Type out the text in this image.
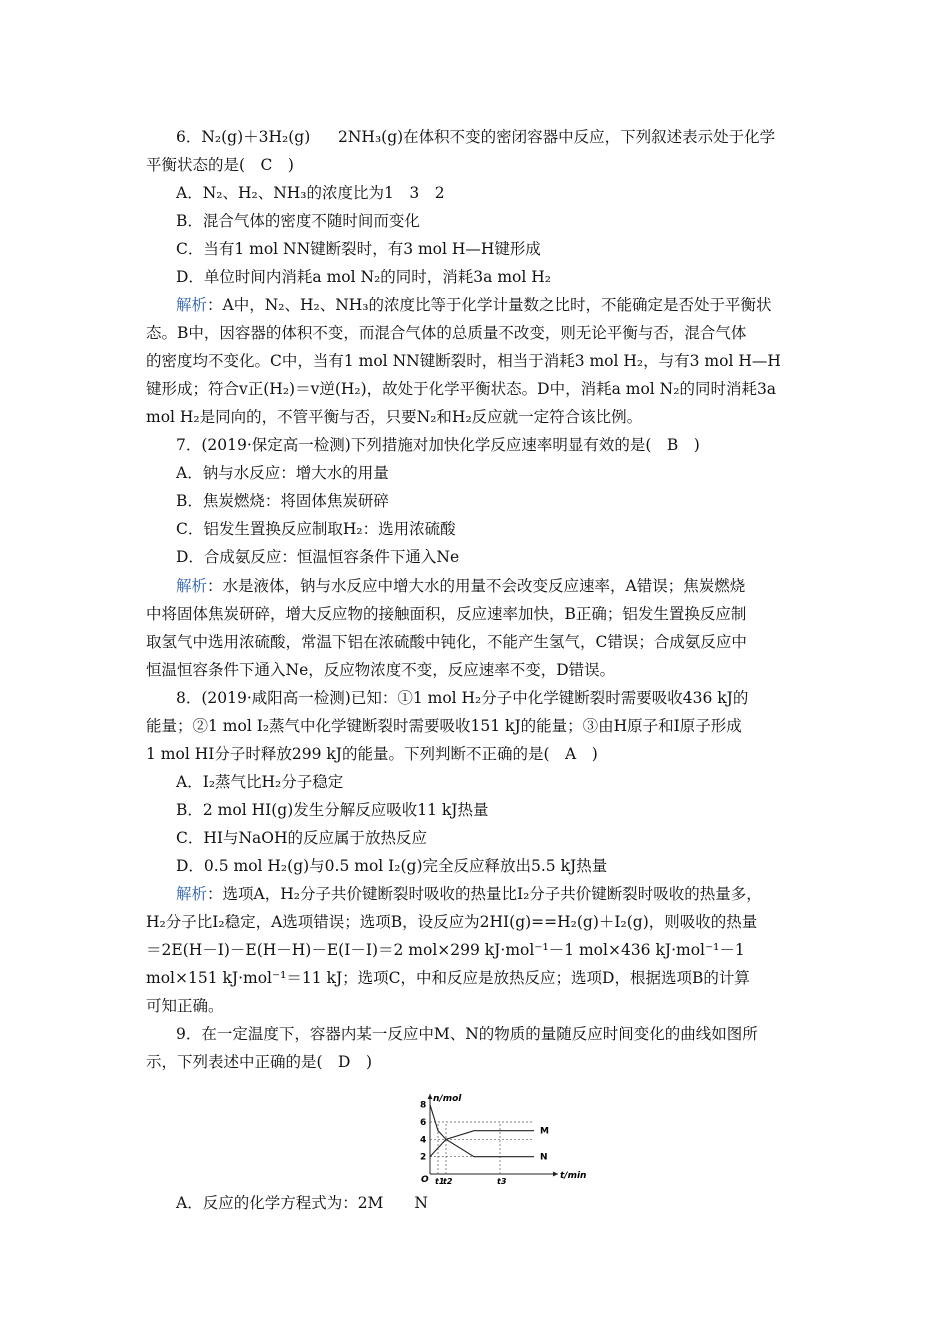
6．N₂(g)＋3H₂(g) 2NH₃(g)在体积不变的密闭容器中反应，下列叙述表示处于化学
平衡状态的是(　C　)
A．N₂、H₂、NH₃的浓度比为1　3　2
B．混合气体的密度不随时间而变化
C．当有1 mol NN键断裂时，有3 mol H—H键形成
D．单位时间内消耗a mol N₂的同时，消耗3a mol H₂
解析：A中，N₂、H₂、NH₃的浓度比等于化学计量数之比时，不能确定是否处于平衡状
态。B中，因容器的体积不变，而混合气体的总质量不改变，则无论平衡与否，混合气体
的密度均不变化。C中，当有1 mol NN键断裂时，相当于消耗3 mol H₂，与有3 mol H—H
键形成；符合v正(H₂)＝v逆(H₂)，故处于化学平衡状态。D中，消耗a mol N₂的同时消耗3a
mol H₂是同向的，不管平衡与否，只要N₂和H₂反应就一定符合该比例。
7．(2019·保定高一检测)下列措施对加快化学反应速率明显有效的是(　B　)
A．钠与水反应：增大水的用量
B．焦炭燃烧：将固体焦炭研碎
C．铝发生置换反应制取H₂：选用浓硫酸
D．合成氨反应：恒温恒容条件下通入Ne
解析：水是液体，钠与水反应中增大水的用量不会改变反应速率，A错误；焦炭燃烧
中将固体焦炭研碎，增大反应物的接触面积，反应速率加快，B正确；铝发生置换反应制
取氢气中选用浓硫酸，常温下铝在浓硫酸中钝化，不能产生氢气，C错误；合成氨反应中
恒温恒容条件下通入Ne，反应物浓度不变，反应速率不变，D错误。
8．(2019·咸阳高一检测)已知：①1 mol H₂分子中化学键断裂时需要吸收436 kJ的
能量；②1 mol I₂蒸气中化学键断裂时需要吸收151 kJ的能量；③由H原子和I原子形成
1 mol HI分子时释放299 kJ的能量。下列判断不正确的是(　A　)
A．I₂蒸气比H₂分子稳定
B．2 mol HI(g)发生分解反应吸收11 kJ热量
C．HI与NaOH的反应属于放热反应
D．0.5 mol H₂(g)与0.5 mol I₂(g)完全反应释放出5.5 kJ热量
解析：选项A，H₂分子共价键断裂时吸收的热量比I₂分子共价键断裂时吸收的热量多，
H₂分子比I₂稳定，A选项错误；选项B，设反应为2HI(g)==H₂(g)＋I₂(g)，则吸收的热量
＝2E(H－I)－E(H－H)－E(I－I)＝2 mol×299 kJ·mol⁻¹－1 mol×436 kJ·mol⁻¹－1
mol×151 kJ·mol⁻¹＝11 kJ；选项C，中和反应是放热反应；选项D，根据选项B的计算
可知正确。
9．在一定温度下，容器内某一反应中M、N的物质的量随反应时间变化的曲线如图所
示，下列表述中正确的是(　D　)
n/mol
t/min
O
2
4
6
8
t1
t2	t3
M
N
A．反应的化学方程式为：2M　　N
